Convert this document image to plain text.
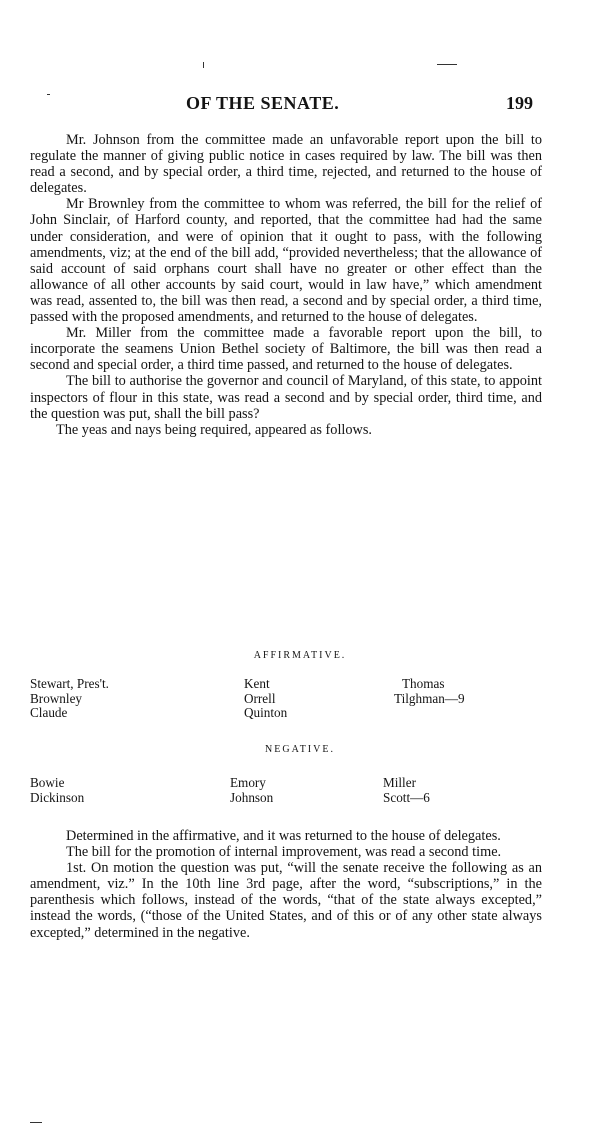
OF THE SENATE.	199

Mr. Johnson from the committee made an unfavorable report upon the bill to regulate the manner of giving public notice in cases required by law. The bill was then read a second, and by special order, a third time, rejected, and returned to the house of delegates.

Mr Brownley from the committee to whom was referred, the bill for the relief of John Sinclair, of Harford county, and reported, that the committee had had the same under consideration, and were of opinion that it ought to pass, with the following amendments, viz; at the end of the bill add, “provided nevertheless; that the allowance of said account of said orphans court shall have no greater or other effect than the allowance of all other accounts by said court, would in law have,” which amendment was read, assented to, the bill was then read, a second and by special order, a third time, passed with the proposed amendments, and returned to the house of delegates.

Mr. Miller from the committee made a favorable report upon the bill, to incorporate the seamens Union Bethel society of Baltimore, the bill was then read a second and special order, a third time passed, and returned to the house of delegates.

The bill to authorise the governor and council of Maryland, of this state, to appoint inspectors of flour in this state, was read a second and by special order, third time, and the question was put, shall the bill pass?

The yeas and nays being required, appeared as follows.

AFFIRMATIVE.
Stewart, Pres't.
Brownley
Claude
Kent
Orrell
Quinton
Thomas
Tilghman—9
NEGATIVE.
Bowie
Dickinson
Emory
Johnson
Miller
Scott—6

Determined in the affirmative, and it was returned to the house of delegates.

The bill for the promotion of internal improvement, was read a second time.

1st. On motion the question was put, “will the senate receive the following as an amendment, viz.” In the 10th line 3rd page, after the word, “subscriptions,” in the parenthesis which follows, instead of the words, “that of the state always excepted,” instead the words, (“those of the United States, and of this or of any other state always excepted,” determined in the negative.
